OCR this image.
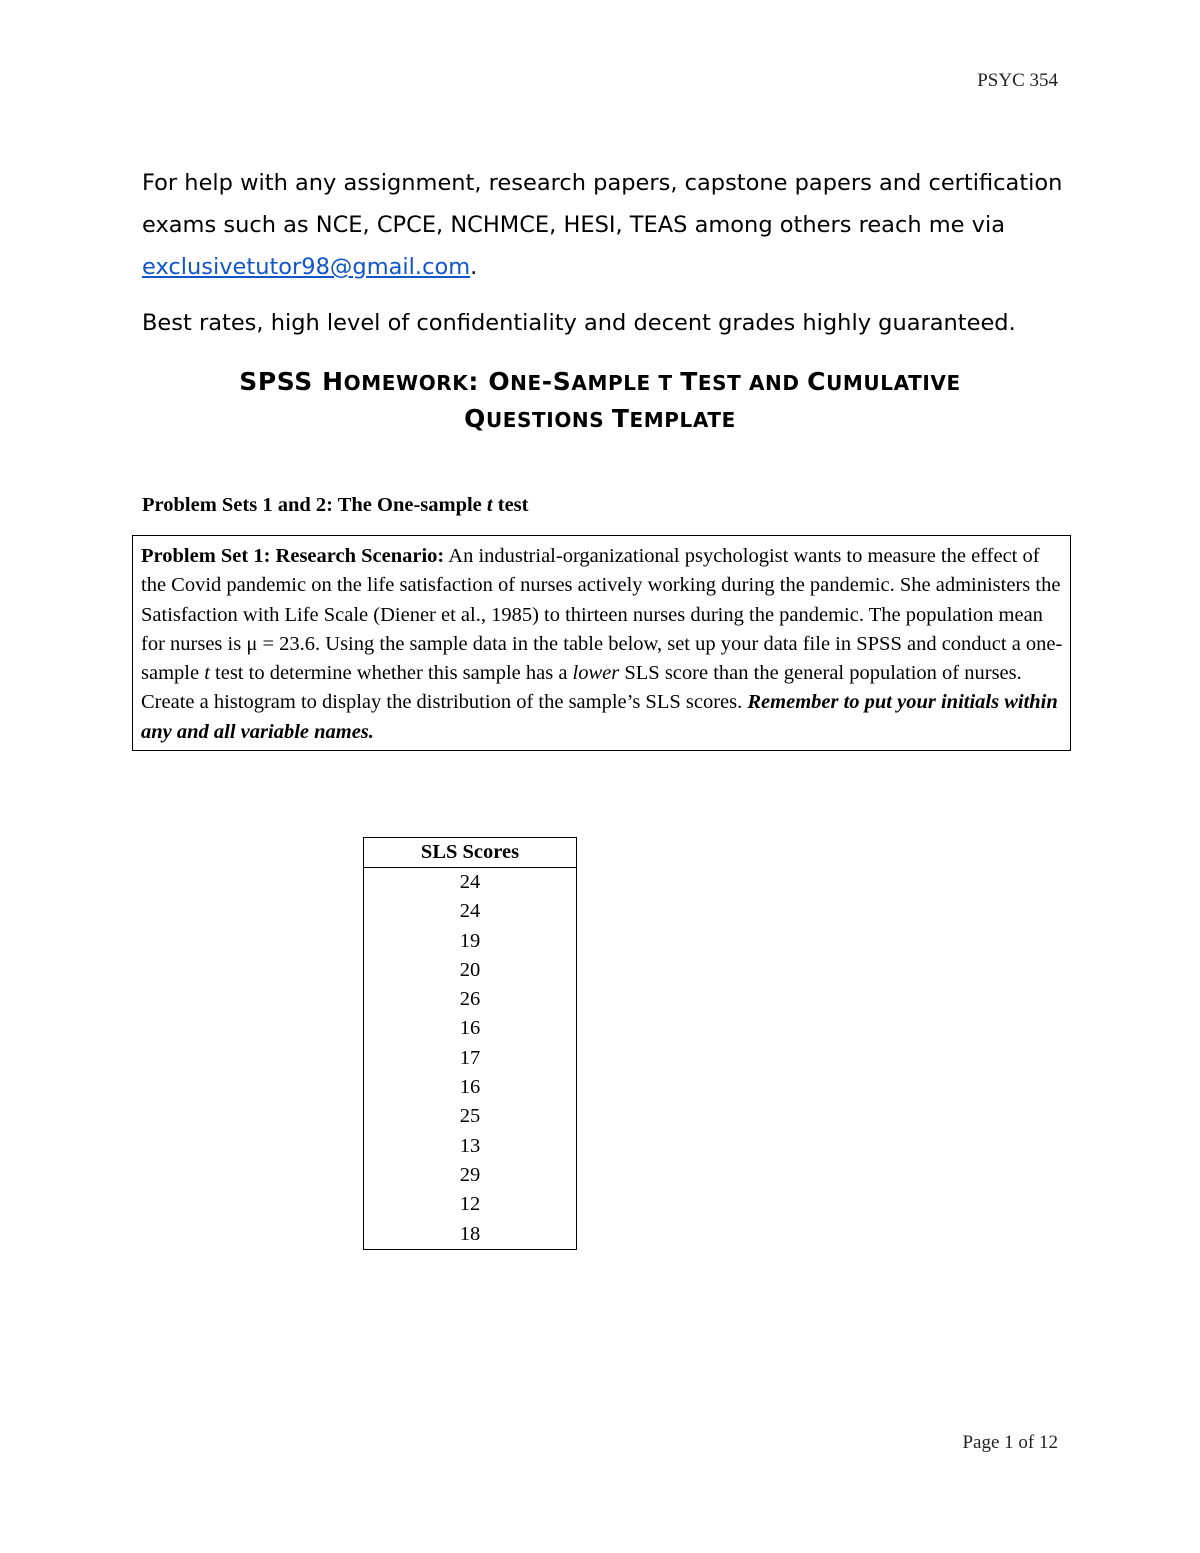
PSYC 354

For help with any assignment, research papers, capstone papers and certification exams such as NCE, CPCE, NCHMCE, HESI, TEAS among others reach me via exclusivetutor98@gmail.com.

Best rates, high level of confidentiality and decent grades highly guaranteed.

SPSS HOMEWORK: ONE-SAMPLE T TEST AND CUMULATIVE
QUESTIONS TEMPLATE
Problem Sets 1 and 2: The One-sample t test
Problem Set 1: Research Scenario: An industrial-organizational psychologist wants to measure the effect of the Covid pandemic on the life satisfaction of nurses actively working during the pandemic. She administers the Satisfaction with Life Scale (Diener et al., 1985) to thirteen nurses during the pandemic. The population mean for nurses is μ = 23.6. Using the sample data in the table below, set up your data file in SPSS and conduct a one-sample t test to determine whether this sample has a lower SLS score than the general population of nurses. Create a histogram to display the distribution of the sample’s SLS scores. Remember to put your initials within any and all variable names.
SLS Scores
24
24
19
20
26
16
17
16
25
13
29
12
18
Page 1 of 12
